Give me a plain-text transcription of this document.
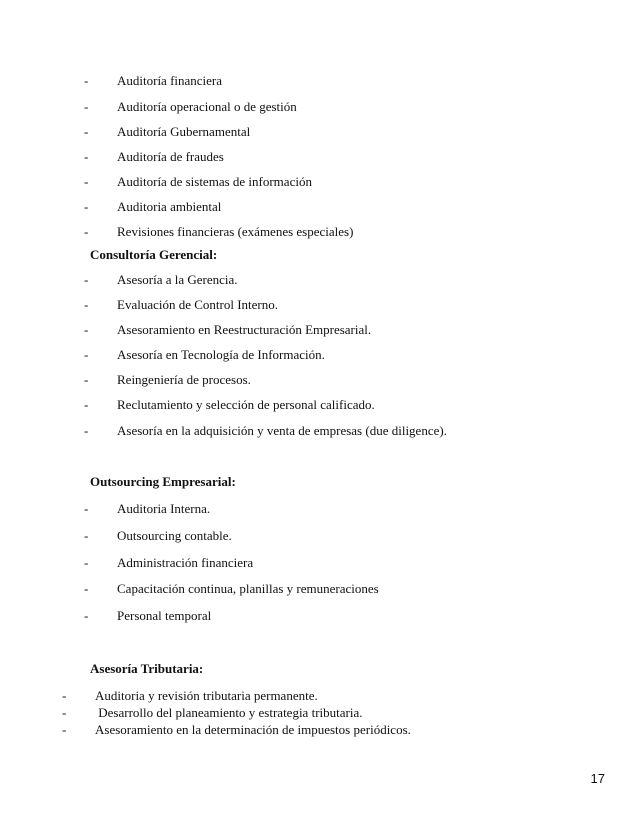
- Auditoría financiera
- Auditoría operacional o de gestión
- Auditoría Gubernamental
- Auditoría de fraudes
- Auditoría de sistemas de información
- Auditoria ambiental
- Revisiones financieras (exámenes especiales)
Consultoría Gerencial:
- Asesoría a la Gerencia.
- Evaluación de Control Interno.
- Asesoramiento en Reestructuración Empresarial.
- Asesoría en Tecnología de Información.
- Reingeniería de procesos.
- Reclutamiento y selección de personal calificado.
- Asesoría en la adquisición y venta de empresas (due diligence).
Outsourcing Empresarial:
- Auditoria Interna.
- Outsourcing contable.
- Administración financiera
- Capacitación continua, planillas y remuneraciones
- Personal temporal
Asesoría Tributaria:
- Auditoria y revisión tributaria permanente.
- Desarrollo del planeamiento y estrategia tributaria.
- Asesoramiento en la determinación de impuestos periódicos.
17
